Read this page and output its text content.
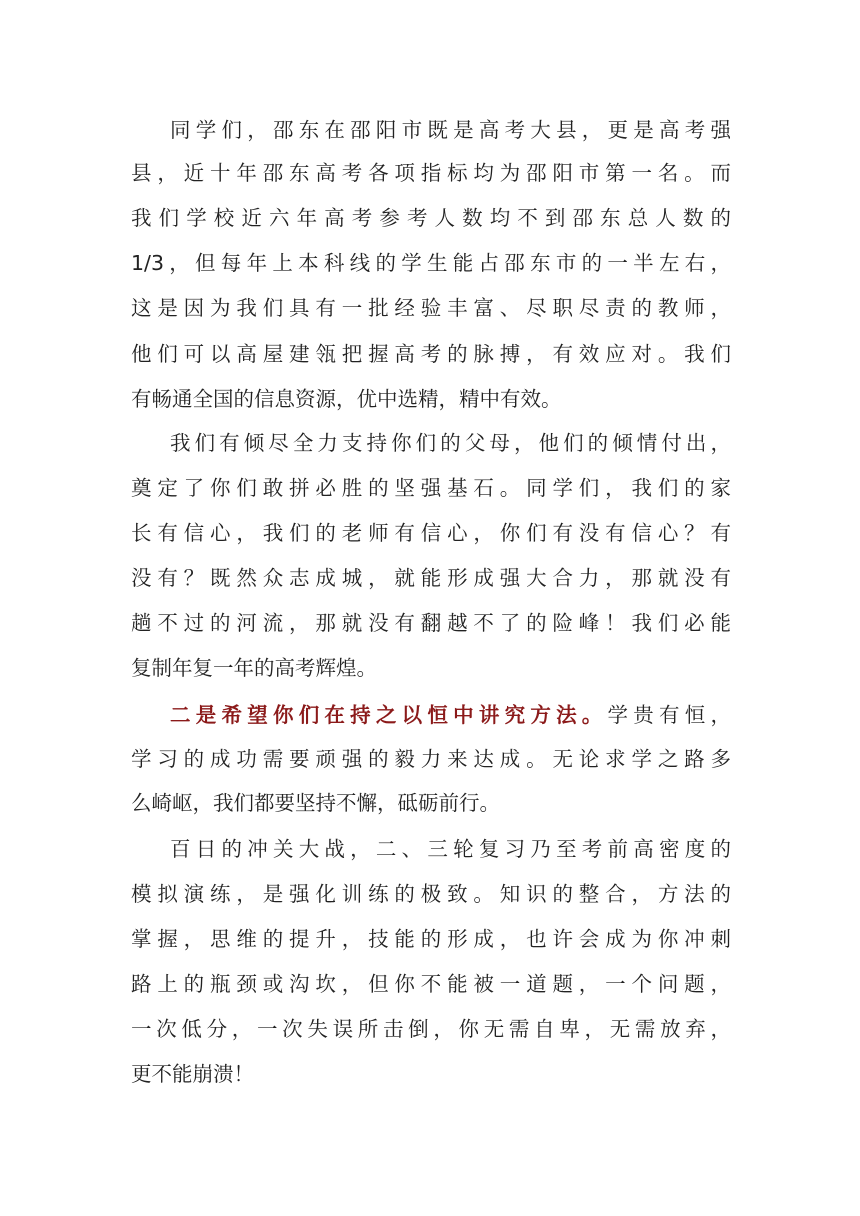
同学们，邵东在邵阳市既是高考大县，更是高考强
县，近十年邵东高考各项指标均为邵阳市第一名。而
我们学校近六年高考参考人数均不到邵东总人数的
1/3，但每年上本科线的学生能占邵东市的一半左右，
这是因为我们具有一批经验丰富、尽职尽责的教师，
他们可以高屋建瓴把握高考的脉搏，有效应对。我们
有畅通全国的信息资源，优中选精，精中有效。
我们有倾尽全力支持你们的父母，他们的倾情付出，
奠定了你们敢拼必胜的坚强基石。同学们，我们的家
长有信心，我们的老师有信心，你们有没有信心？有
没有？既然众志成城，就能形成强大合力，那就没有
趟不过的河流，那就没有翻越不了的险峰！我们必能
复制年复一年的高考辉煌。
二是希望你们在持之以恒中讲究方法。学贵有恒，
学习的成功需要顽强的毅力来达成。无论求学之路多
么崎岖，我们都要坚持不懈，砥砺前行。
百日的冲关大战，二、三轮复习乃至考前高密度的
模拟演练，是强化训练的极致。知识的整合，方法的
掌握，思维的提升，技能的形成，也许会成为你冲刺
路上的瓶颈或沟坎，但你不能被一道题，一个问题，
一次低分，一次失误所击倒，你无需自卑，无需放弃，
更不能崩溃！
